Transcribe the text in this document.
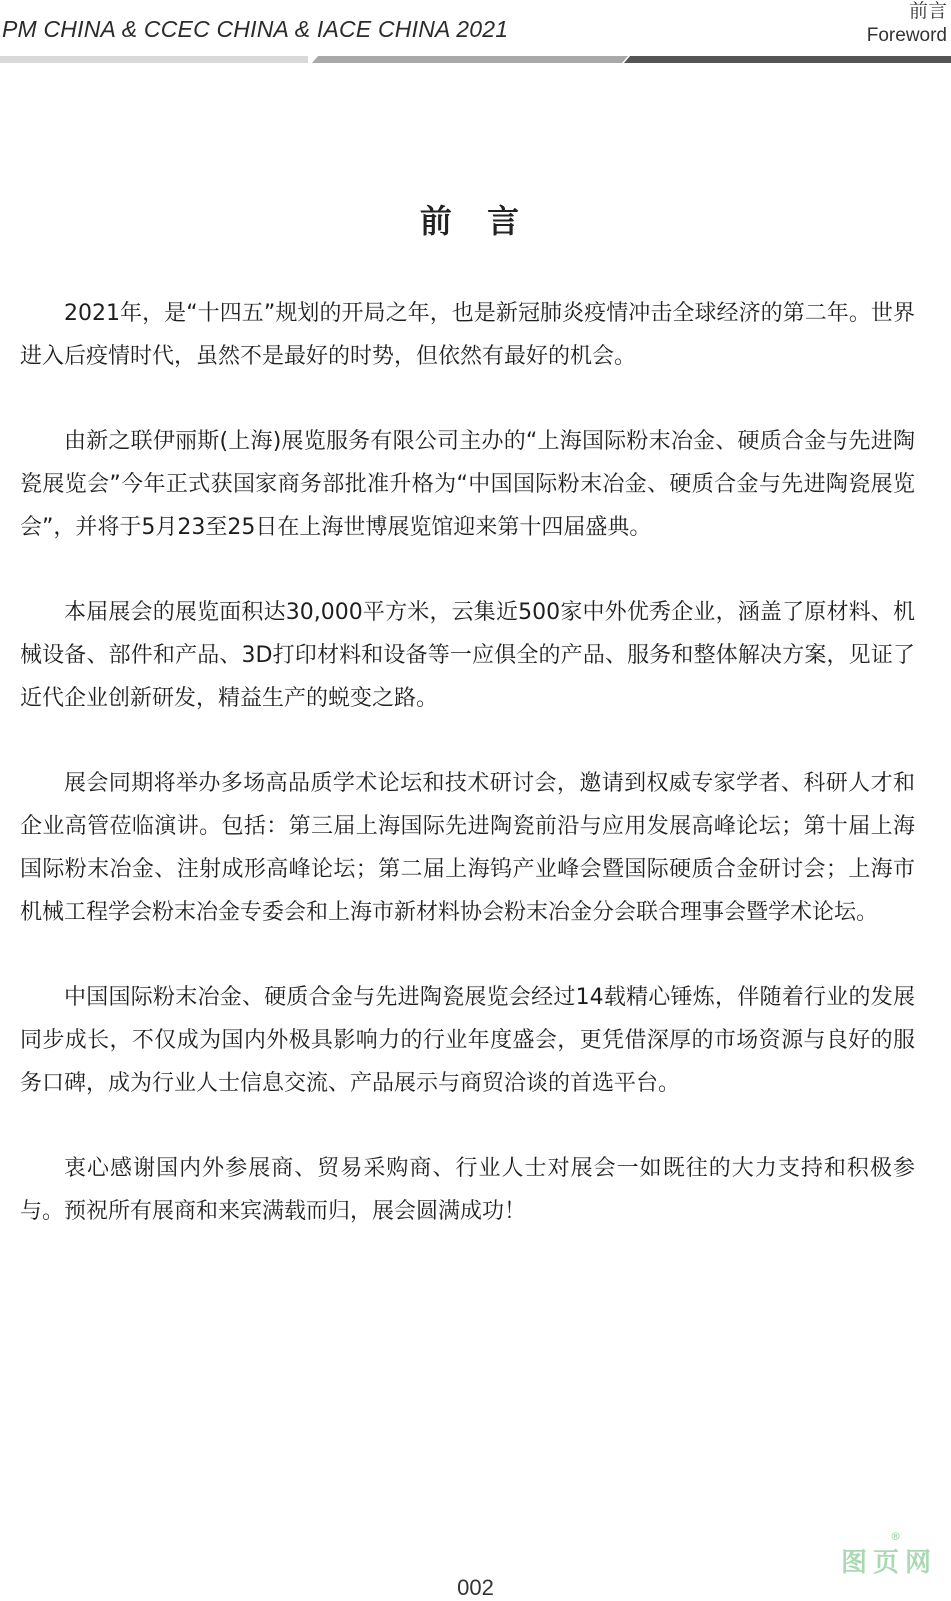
PM CHINA & CCEC CHINA & IACE CHINA 2021
前言
Foreword
前 言

2021年，是“十四五”规划的开局之年，也是新冠肺炎疫情冲击全球经济的第二年。世界进入后疫情时代，虽然不是最好的时势，但依然有最好的机会。

由新之联伊丽斯(上海)展览服务有限公司主办的“上海国际粉末冶金、硬质合金与先进陶瓷展览会”今年正式获国家商务部批准升格为“中国国际粉末冶金、硬质合金与先进陶瓷展览会”，并将于5月23至25日在上海世博展览馆迎来第十四届盛典。

本届展会的展览面积达30,000平方米，云集近500家中外优秀企业，涵盖了原材料、机械设备、部件和产品、3D打印材料和设备等一应俱全的产品、服务和整体解决方案，见证了近代企业创新研发，精益生产的蜕变之路。

展会同期将举办多场高品质学术论坛和技术研讨会，邀请到权威专家学者、科研人才和企业高管莅临演讲。包括：第三届上海国际先进陶瓷前沿与应用发展高峰论坛；第十届上海国际粉末冶金、注射成形高峰论坛；第二届上海钨产业峰会暨国际硬质合金研讨会；上海市机械工程学会粉末冶金专委会和上海市新材料协会粉末冶金分会联合理事会暨学术论坛。

中国国际粉末冶金、硬质合金与先进陶瓷展览会经过14载精心锤炼，伴随着行业的发展同步成长，不仅成为国内外极具影响力的行业年度盛会，更凭借深厚的市场资源与良好的服务口碑，成为行业人士信息交流、产品展示与商贸洽谈的首选平台。

衷心感谢国内外参展商、贸易采购商、行业人士对展会一如既往的大力支持和积极参与。预祝所有展商和来宾满载而归，展会圆满成功！

002
图页网
®
